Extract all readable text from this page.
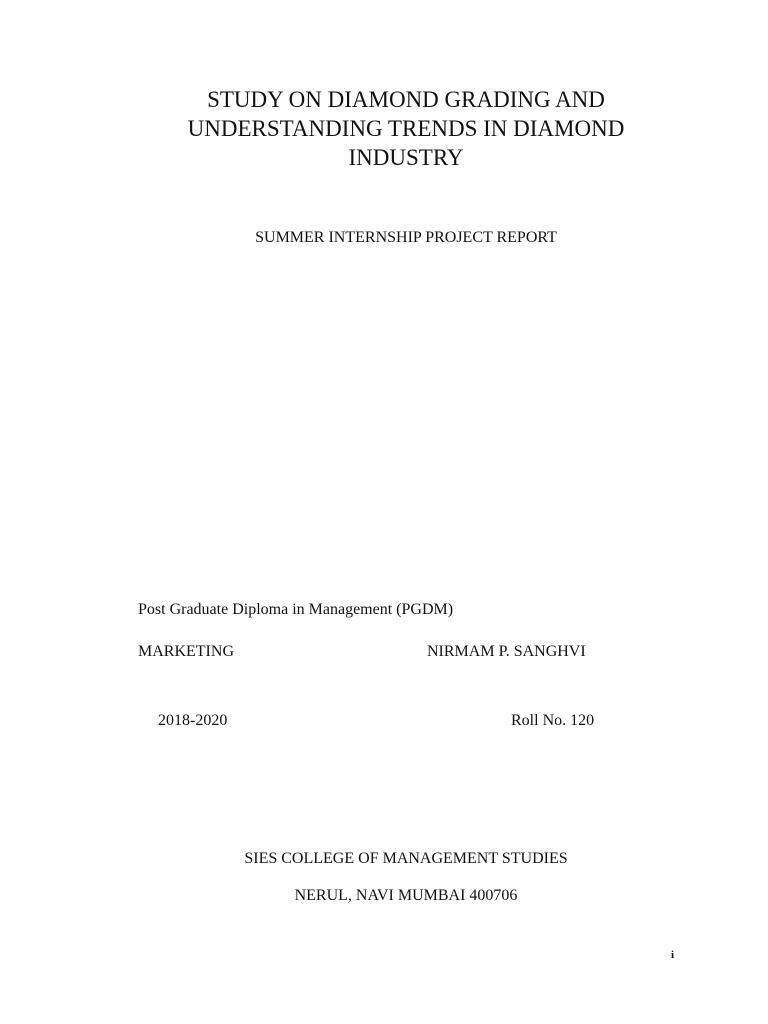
STUDY ON DIAMOND GRADING AND
UNDERSTANDING TRENDS IN DIAMOND
INDUSTRY
SUMMER INTERNSHIP PROJECT REPORT
Post Graduate Diploma in Management (PGDM)
MARKETING	NIRMAM P. SANGHVI
2018-2020	Roll No. 120
SIES COLLEGE OF MANAGEMENT STUDIES
NERUL, NAVI MUMBAI 400706
i
